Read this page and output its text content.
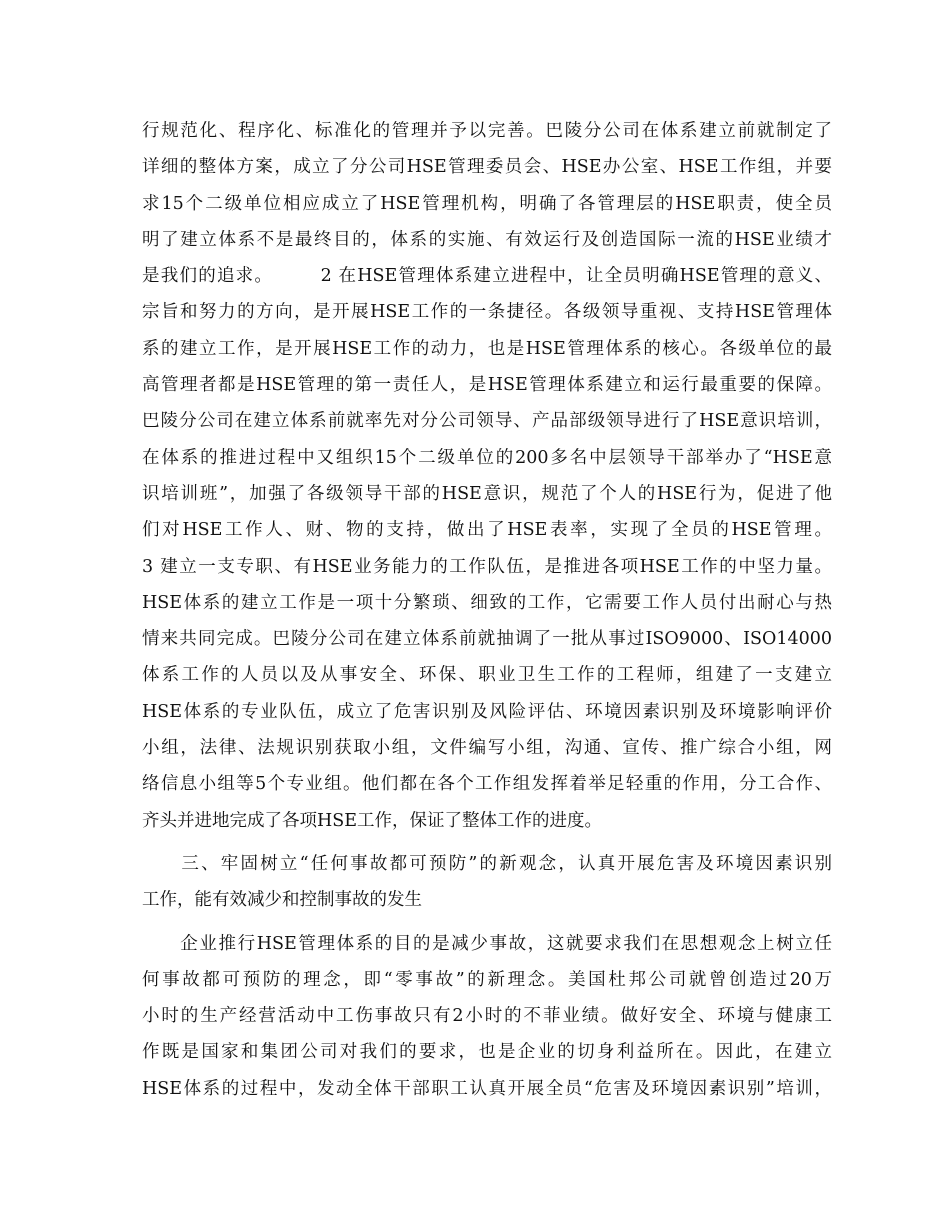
行规范化、程序化、标准化的管理并予以完善。巴陵分公司在体系建立前就制定了
详细的整体方案，成立了分公司HSE管理委员会、HSE办公室、HSE工作组，并要
求15个二级单位相应成立了HSE管理机构，明确了各管理层的HSE职责，使全员
明了建立体系不是最终目的，体系的实施、有效运行及创造国际一流的HSE业绩才
是我们的追求。　　　2 在HSE管理体系建立进程中，让全员明确HSE管理的意义、
宗旨和努力的方向，是开展HSE工作的一条捷径。各级领导重视、支持HSE管理体
系的建立工作，是开展HSE工作的动力，也是HSE管理体系的核心。各级单位的最
高管理者都是HSE管理的第一责任人，是HSE管理体系建立和运行最重要的保障。
巴陵分公司在建立体系前就率先对分公司领导、产品部级领导进行了HSE意识培训，
在体系的推进过程中又组织15个二级单位的200多名中层领导干部举办了“HSE意
识培训班”，加强了各级领导干部的HSE意识，规范了个人的HSE行为，促进了他
们对HSE工作人、财、物的支持，做出了HSE表率，实现了全员的HSE管理。
3 建立一支专职、有HSE业务能力的工作队伍，是推进各项HSE工作的中坚力量。
HSE体系的建立工作是一项十分繁琐、细致的工作，它需要工作人员付出耐心与热
情来共同完成。巴陵分公司在建立体系前就抽调了一批从事过ISO9000、ISO14000
体系工作的人员以及从事安全、环保、职业卫生工作的工程师，组建了一支建立
HSE体系的专业队伍，成立了危害识别及风险评估、环境因素识别及环境影响评价
小组，法律、法规识别获取小组，文件编写小组，沟通、宣传、推广综合小组，网
络信息小组等5个专业组。他们都在各个工作组发挥着举足轻重的作用，分工合作、
齐头并进地完成了各项HSE工作，保证了整体工作的进度。
　　三、牢固树立“任何事故都可预防”的新观念，认真开展危害及环境因素识别
工作，能有效减少和控制事故的发生
　　企业推行HSE管理体系的目的是减少事故，这就要求我们在思想观念上树立任
何事故都可预防的理念，即“零事故”的新理念。美国杜邦公司就曾创造过20万
小时的生产经营活动中工伤事故只有2小时的不菲业绩。做好安全、环境与健康工
作既是国家和集团公司对我们的要求，也是企业的切身利益所在。因此，在建立
HSE体系的过程中，发动全体干部职工认真开展全员“危害及环境因素识别”培训，
